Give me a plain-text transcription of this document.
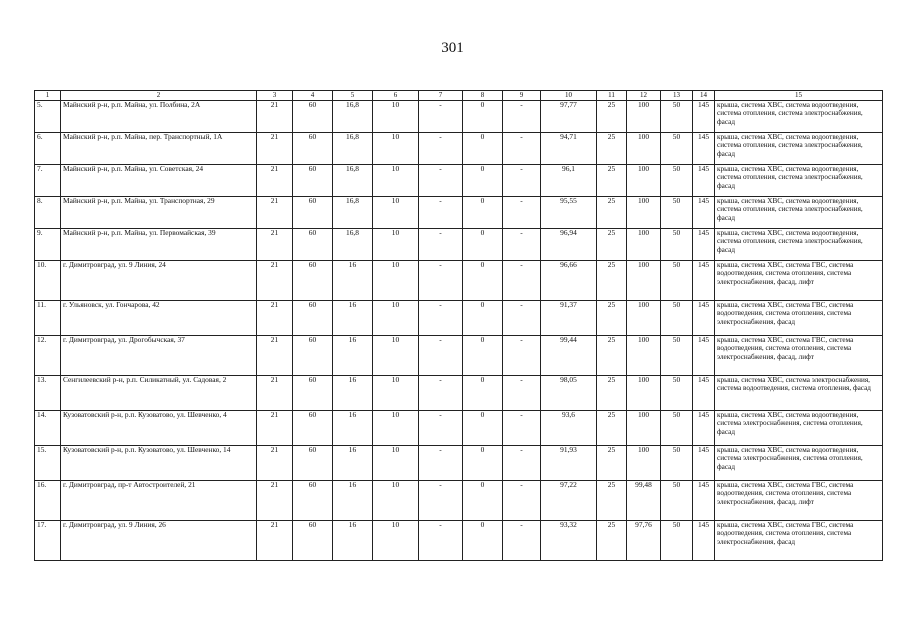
301
1	2	3	4	5	6	7	8	9	10	11	12	13	14	15
5.	Майнский р-н, р.п. Майна, ул. Полбина, 2А	21	60	16,8	10	-	0	-	97,77	25	100	50	145	крыша, система ХВС, система водоотведения, система отопления, система электроснабжения, фасад
6.	Майнский р-н, р.п. Майна, пер. Транспортный, 1А	21	60	16,8	10	-	0	-	94,71	25	100	50	145	крыша, система ХВС, система водоотведения, система отопления, система электроснабжения, фасад
7.	Майнский р-н, р.п. Майна, ул. Советская, 24	21	60	16,8	10	-	0	-	96,1	25	100	50	145	крыша, система ХВС, система водоотведения, система отопления, система электроснабжения, фасад
8.	Майнский р-н, р.п. Майна, ул. Транспортная, 29	21	60	16,8	10	-	0	-	95,55	25	100	50	145	крыша, система ХВС, система водоотведения, система отопления, система электроснабжения, фасад
9.	Майнский р-н, р.п. Майна, ул. Первомайская, 39	21	60	16,8	10	-	0	-	96,94	25	100	50	145	крыша, система ХВС, система водоотведения, система отопления, система электроснабжения, фасад
10.	г. Димитровград, ул. 9 Линия, 24	21	60	16	10	-	0	-	96,66	25	100	50	145	крыша, система ХВС, система ГВС, система водоотведения, система отопления, система электроснабжения, фасад, лифт
11.	г. Ульяновск, ул. Гончарова, 42	21	60	16	10	-	0	-	91,37	25	100	50	145	крыша, система ХВС, система ГВС, система водоотведения, система отопления, система электроснабжения, фасад
12.	г. Димитровград, ул. Дрогобычская, 37	21	60	16	10	-	0	-	99,44	25	100	50	145	крыша, система ХВС, система ГВС, система водоотведения, система отопления, система электроснабжения, фасад, лифт
13.	Сенгилеевский р-н, р.п. Силикатный, ул. Садовая, 2	21	60	16	10	-	0	-	98,05	25	100	50	145	крыша, система ХВС, система электроснабжения, система водоотведения, система отопления, фасад
14.	Кузоватовский р-н, р.п. Кузоватово, ул. Шевченко, 4	21	60	16	10	-	0	-	93,6	25	100	50	145	крыша, система ХВС, система водоотведения, система электроснабжения, система отопления, фасад
15.	Кузоватовский р-н, р.п. Кузоватово, ул. Шевченко, 14	21	60	16	10	-	0	-	91,93	25	100	50	145	крыша, система ХВС, система водоотведения, система электроснабжения, система отопления, фасад
16.	г. Димитровград, пр-т Автостроителей, 21	21	60	16	10	-	0	-	97,22	25	99,48	50	145	крыша, система ХВС, система ГВС, система водоотведения, система отопления, система электроснабжения, фасад, лифт
17.	г. Димитровград, ул. 9 Линия, 26	21	60	16	10	-	0	-	93,32	25	97,76	50	145	крыша, система ХВС, система ГВС, система водоотведения, система отопления, система электроснабжения, фасад
